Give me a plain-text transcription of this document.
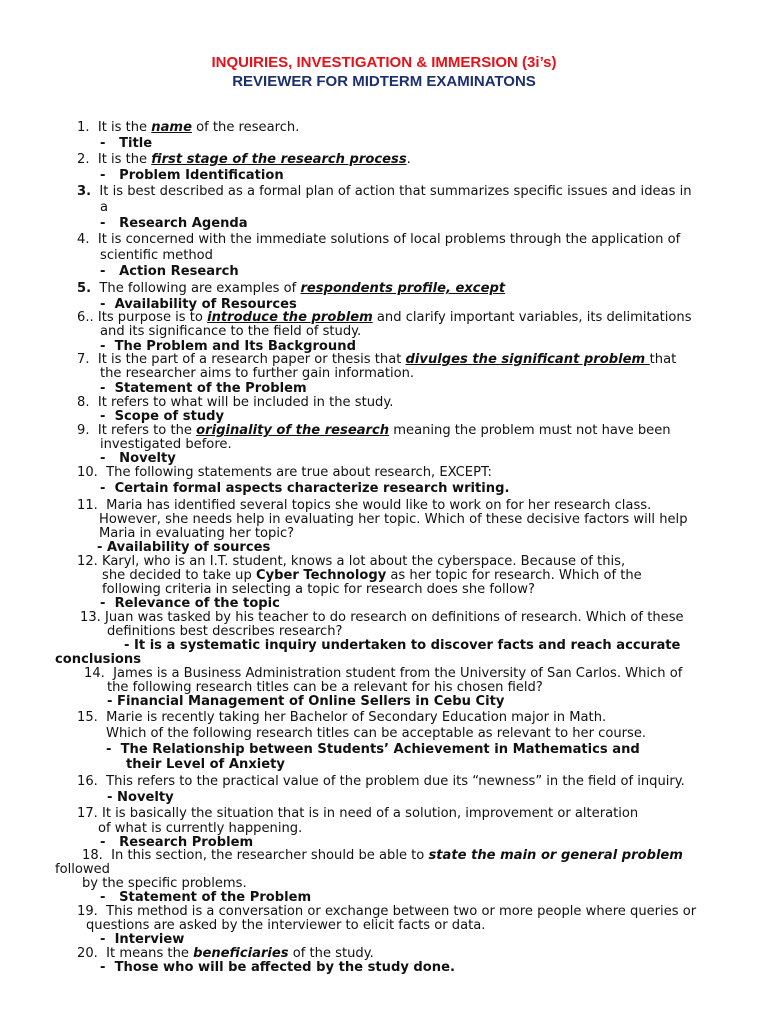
INQUIRIES, INVESTIGATION & IMMERSION (3i’s)
REVIEWER FOR MIDTERM EXAMINATONS
1. It is the name of the research.
-   Title
2. It is the first stage of the research process.
-   Problem Identification
3. It is best described as a formal plan of action that summarizes specific issues and ideas in
a
-   Research Agenda
4. It is concerned with the immediate solutions of local problems through the application of
scientific method
-   Action Research
5. The following are examples of respondents profile, except
-  Availability of Resources
6.. Its purpose is to introduce the problem and clarify important variables, its delimitations
and its significance to the field of study.
-  The Problem and Its Background
7. It is the part of a research paper or thesis that divulges the significant problem that
the researcher aims to further gain information.
-  Statement of the Problem
8. It refers to what will be included in the study.
-  Scope of study
9. It refers to the originality of the research meaning the problem must not have been
investigated before.
-   Novelty
10. The following statements are true about research, EXCEPT:
-  Certain formal aspects characterize research writing.
11. Maria has identified several topics she would like to work on for her research class.
However, she needs help in evaluating her topic. Which of these decisive factors will help
Maria in evaluating her topic?
- Availability of sources
12. Karyl, who is an I.T. student, knows a lot about the cyberspace. Because of this,
she decided to take up Cyber Technology as her topic for research. Which of the
following criteria in selecting a topic for research does she follow?
-  Relevance of the topic
13. Juan was tasked by his teacher to do research on definitions of research. Which of these
definitions best describes research?
- It is a systematic inquiry undertaken to discover facts and reach accurate
conclusions
14. James is a Business Administration student from the University of San Carlos. Which of
the following research titles can be a relevant for his chosen field?
- Financial Management of Online Sellers in Cebu City
15. Marie is recently taking her Bachelor of Secondary Education major in Math.
Which of the following research titles can be acceptable as relevant to her course.
-  The Relationship between Students’ Achievement in Mathematics and
their Level of Anxiety
16. This refers to the practical value of the problem due its “newness” in the field of inquiry.
- Novelty
17. It is basically the situation that is in need of a solution, improvement or alteration
of what is currently happening.
-   Research Problem
18. In this section, the researcher should be able to state the main or general problem
followed
by the specific problems.
-   Statement of the Problem
19. This method is a conversation or exchange between two or more people where queries or
questions are asked by the interviewer to elicit facts or data.
-  Interview
20. It means the beneficiaries of the study.
-  Those who will be affected by the study done.
